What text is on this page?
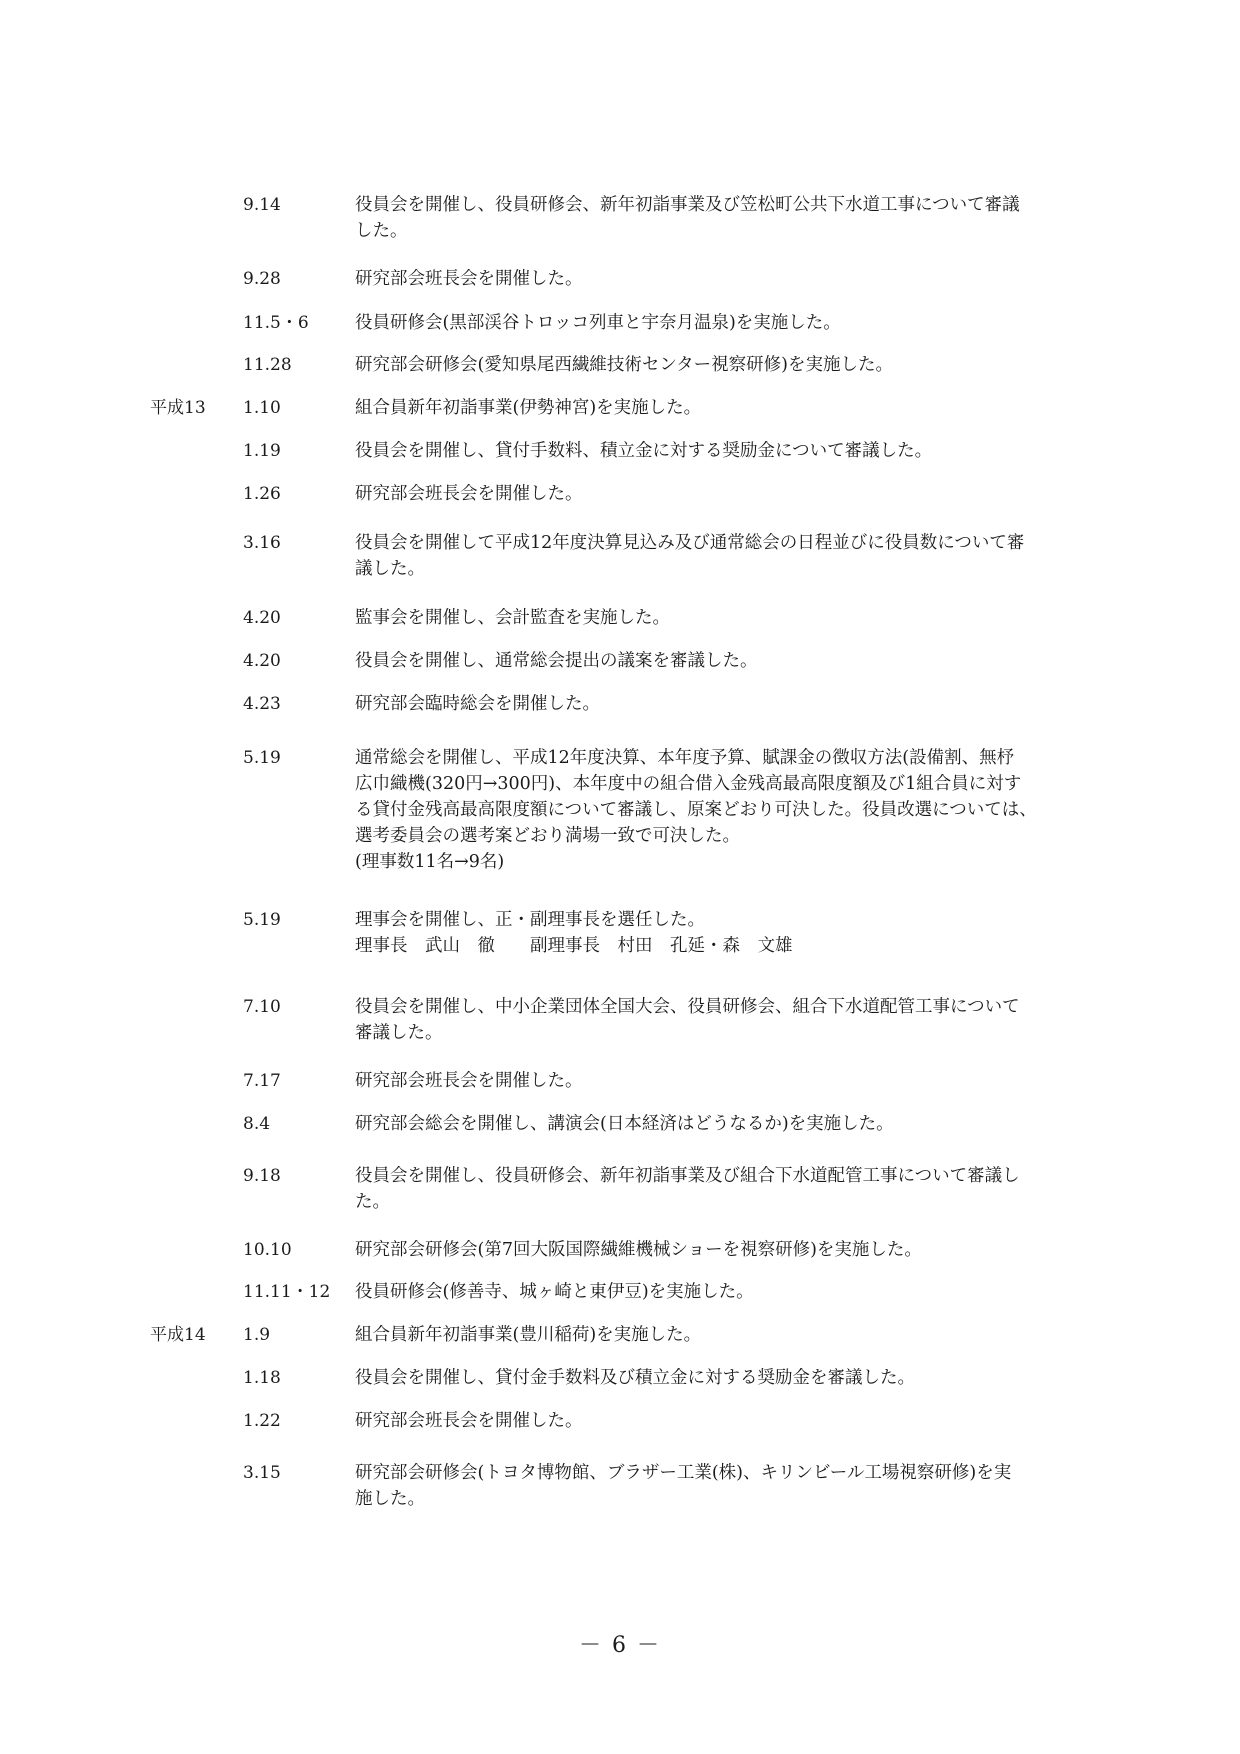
9.14	役員会を開催し、役員研修会、新年初詣事業及び笠松町公共下水道工事について審議
した。
9.28	研究部会班長会を開催した。
11.5・6	役員研修会(黒部渓谷トロッコ列車と宇奈月温泉)を実施した。
11.28	研究部会研修会(愛知県尾西繊維技術センター視察研修)を実施した。
平成13 1.10	組合員新年初詣事業(伊勢神宮)を実施した。
1.19	役員会を開催し、貸付手数料、積立金に対する奨励金について審議した。
1.26	研究部会班長会を開催した。
3.16	役員会を開催して平成12年度決算見込み及び通常総会の日程並びに役員数について審
議した。
4.20	監事会を開催し、会計監査を実施した。
4.20	役員会を開催し、通常総会提出の議案を審議した。
4.23	研究部会臨時総会を開催した。
5.19	通常総会を開催し、平成12年度決算、本年度予算、賦課金の徴収方法(設備割、無杼
広巾織機(320円→300円)、本年度中の組合借入金残高最高限度額及び1組合員に対す
る貸付金残高最高限度額について審議し、原案どおり可決した。役員改選については、
選考委員会の選考案どおり満場一致で可決した。
(理事数11名→9名)
5.19	理事会を開催し、正・副理事長を選任した。
理事長　武山　徹　　副理事長　村田　孔延・森　文雄
7.10	役員会を開催し、中小企業団体全国大会、役員研修会、組合下水道配管工事について
審議した。
7.17	研究部会班長会を開催した。
8.4	研究部会総会を開催し、講演会(日本経済はどうなるか)を実施した。
9.18	役員会を開催し、役員研修会、新年初詣事業及び組合下水道配管工事について審議し
た。
10.10	研究部会研修会(第7回大阪国際繊維機械ショーを視察研修)を実施した。
11.11・12 役員研修会(修善寺、城ヶ崎と東伊豆)を実施した。
平成14 1.9	組合員新年初詣事業(豊川稲荷)を実施した。
1.18	役員会を開催し、貸付金手数料及び積立金に対する奨励金を審議した。
1.22	研究部会班長会を開催した。
3.15	研究部会研修会(トヨタ博物館、ブラザー工業(株)、キリンビール工場視察研修)を実
施した。
－ 6 －
